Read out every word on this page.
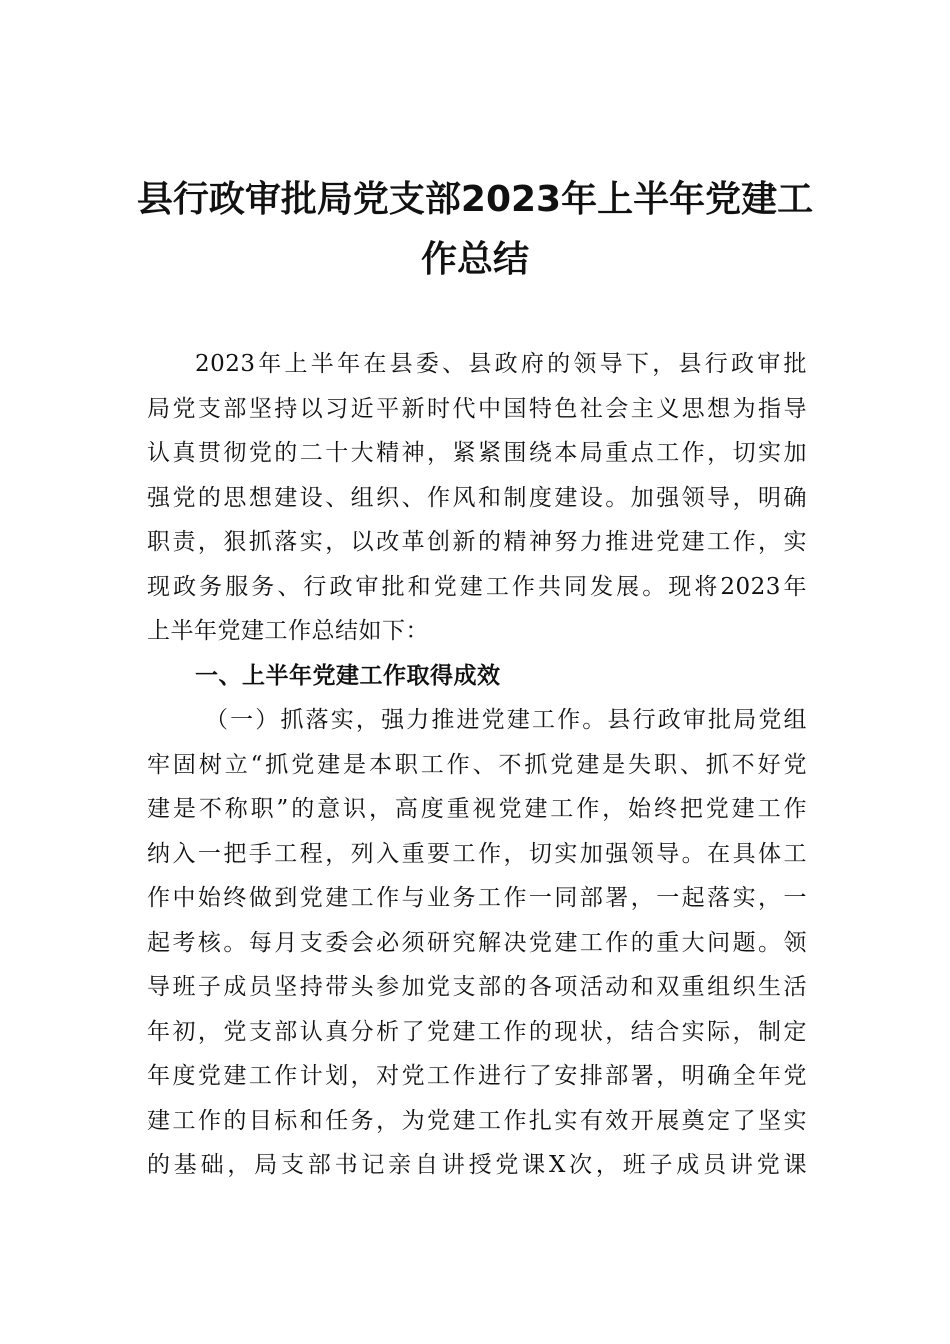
县行政审批局党支部2023年上半年党建工
作总结
2023年上半年在县委、县政府的领导下，县行政审批
局党支部坚持以习近平新时代中国特色社会主义思想为指导
认真贯彻党的二十大精神，紧紧围绕本局重点工作，切实加
强党的思想建设、组织、作风和制度建设。加强领导，明确
职责，狠抓落实，以改革创新的精神努力推进党建工作，实
现政务服务、行政审批和党建工作共同发展。现将2023年
上半年党建工作总结如下：
一、上半年党建工作取得成效
（一）抓落实，强力推进党建工作。县行政审批局党组
牢固树立“抓党建是本职工作、不抓党建是失职、抓不好党
建是不称职”的意识，高度重视党建工作，始终把党建工作
纳入一把手工程，列入重要工作，切实加强领导。在具体工
作中始终做到党建工作与业务工作一同部署，一起落实，一
起考核。每月支委会必须研究解决党建工作的重大问题。领
导班子成员坚持带头参加党支部的各项活动和双重组织生活
年初，党支部认真分析了党建工作的现状，结合实际，制定
年度党建工作计划，对党工作进行了安排部署，明确全年党
建工作的目标和任务，为党建工作扎实有效开展奠定了坚实
的基础，局支部书记亲自讲授党课X次，班子成员讲党课
